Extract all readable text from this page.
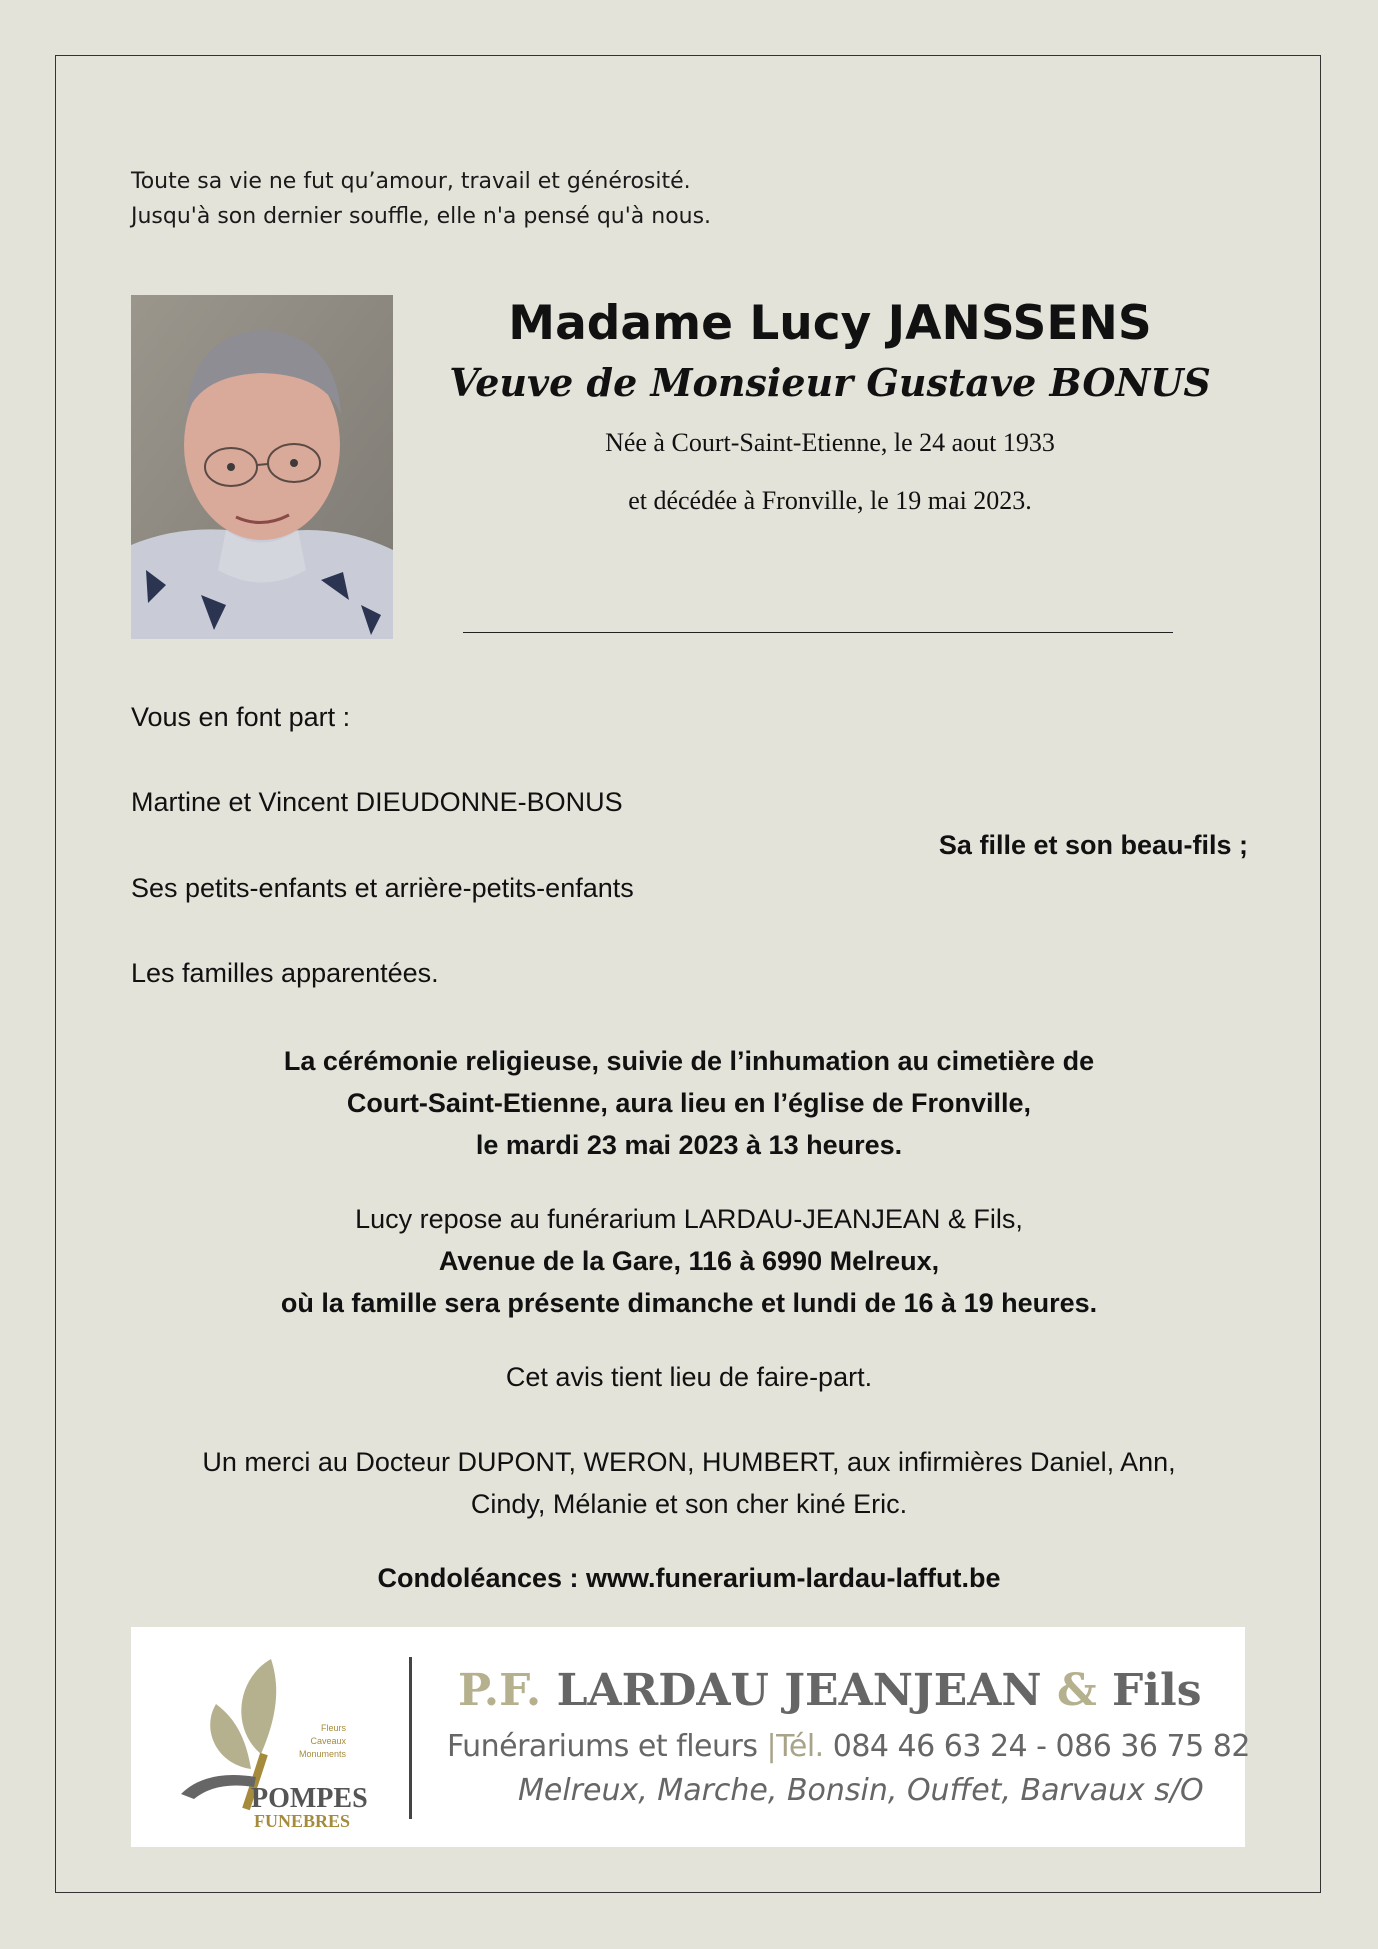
Toute sa vie ne fut qu’amour, travail et générosité.
Jusqu'à son dernier souffle, elle n'a pensé qu'à nous.
Madame Lucy JANSSENS
Veuve de Monsieur Gustave BONUS
Née à Court-Saint-Etienne, le 24 aout 1933
et décédée à Fronville, le 19 mai 2023.
Vous en font part :
Martine et Vincent DIEUDONNE-BONUS
Sa fille et son beau-fils ;
Ses petits-enfants et arrière-petits-enfants
Les familles apparentées.
La cérémonie religieuse, suivie de l’inhumation au cimetière de
Court-Saint-Etienne, aura lieu en l’église de Fronville,
le mardi 23 mai 2023 à 13 heures.
Lucy repose au funérarium LARDAU-JEANJEAN & Fils,
Avenue de la Gare, 116 à 6990 Melreux,
où la famille sera présente dimanche et lundi de 16 à 19 heures.
Cet avis tient lieu de faire-part.
Un merci au Docteur DUPONT, WERON, HUMBERT, aux infirmières Daniel, Ann,
Cindy, Mélanie et son cher kiné Eric.
Condoléances : www.funerarium-lardau-laffut.be
Fleurs
Caveaux
Monuments
POMPES
FUNEBRES
P.F. LARDAU JEANJEAN & Fils
Funérariums et fleurs |Tél. 084 46 63 24 - 086 36 75 82
Melreux, Marche, Bonsin, Ouffet, Barvaux s/O
